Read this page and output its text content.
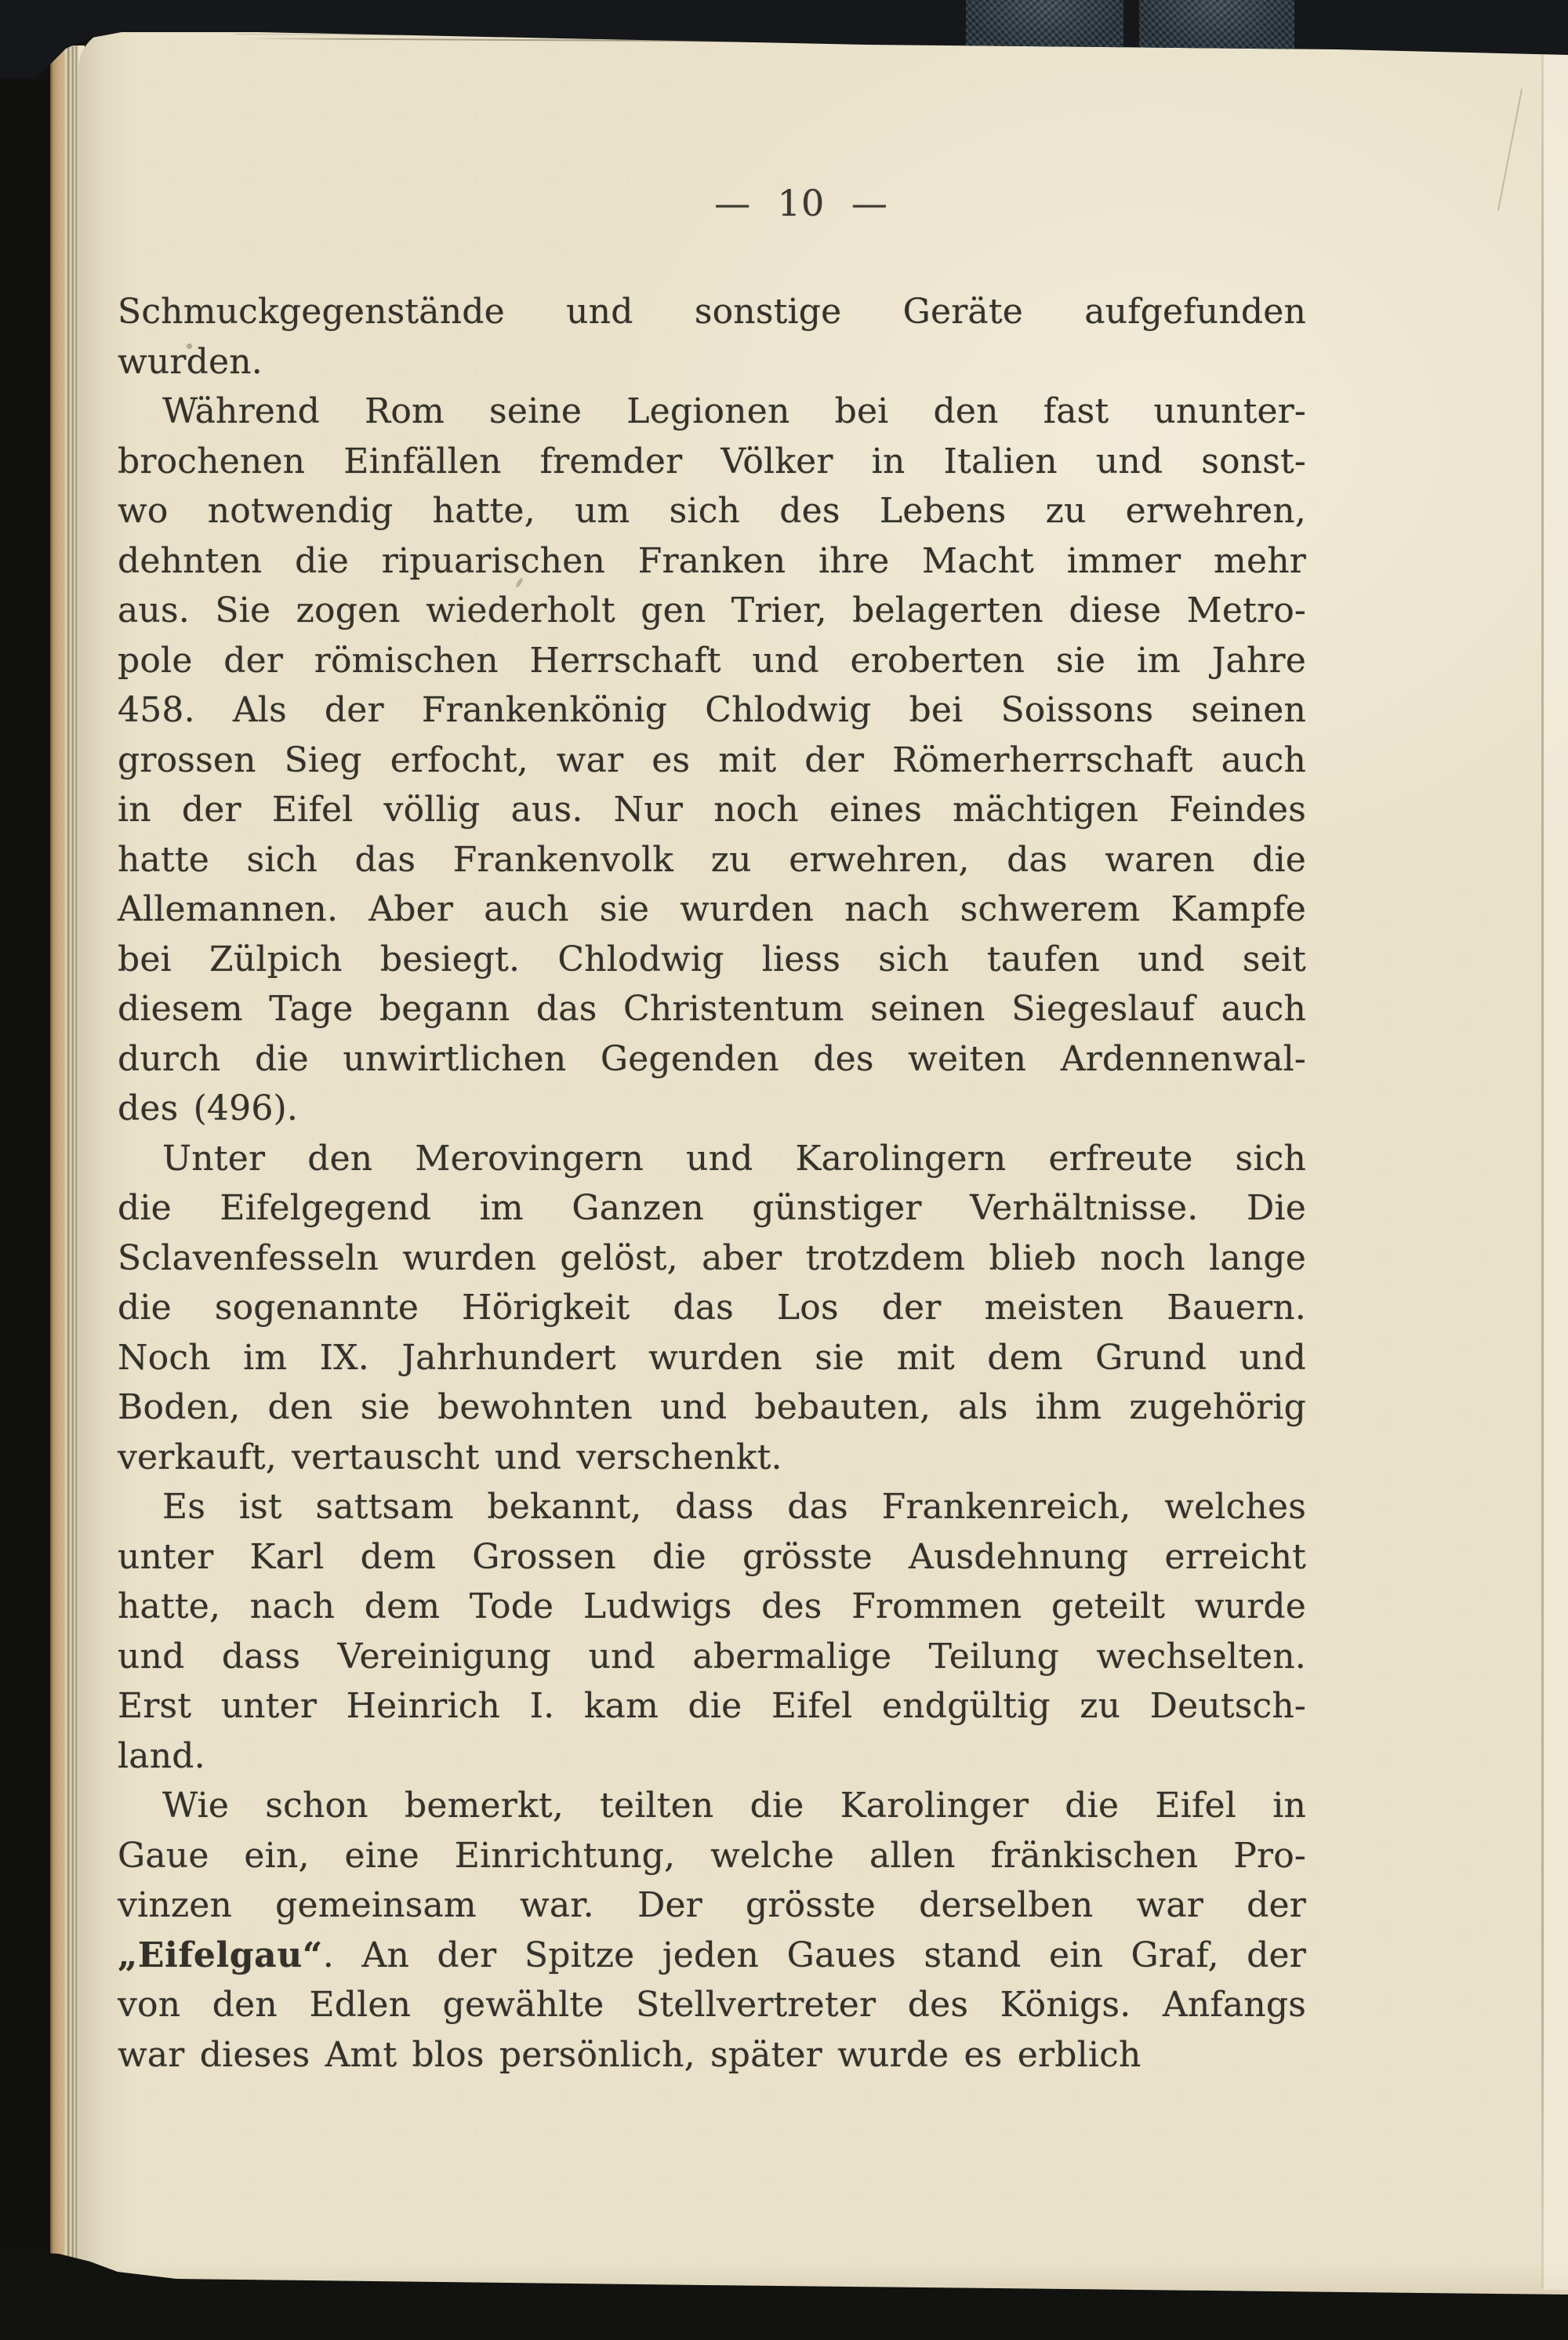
— 10 —
Schmuckgegenstände und sonstige Geräte aufgefunden
wurden.
Während Rom seine Legionen bei den fast ununter-
brochenen Einfällen fremder Völker in Italien und sonst-
wo notwendig hatte, um sich des Lebens zu erwehren,
dehnten die ripuarischen Franken ihre Macht immer mehr
aus. Sie zogen wiederholt gen Trier, belagerten diese Metro-
pole der römischen Herrschaft und eroberten sie im Jahre
458. Als der Frankenkönig Chlodwig bei Soissons seinen
grossen Sieg erfocht, war es mit der Römerherrschaft auch
in der Eifel völlig aus. Nur noch eines mächtigen Feindes
hatte sich das Frankenvolk zu erwehren, das waren die
Allemannen. Aber auch sie wurden nach schwerem Kampfe
bei Zülpich besiegt. Chlodwig liess sich taufen und seit
diesem Tage begann das Christentum seinen Siegeslauf auch
durch die unwirtlichen Gegenden des weiten Ardennenwal-
des (496).
Unter den Merovingern und Karolingern erfreute sich
die Eifelgegend im Ganzen günstiger Verhältnisse. Die
Sclavenfesseln wurden gelöst, aber trotzdem blieb noch lange
die sogenannte Hörigkeit das Los der meisten Bauern.
Noch im IX. Jahrhundert wurden sie mit dem Grund und
Boden, den sie bewohnten und bebauten, als ihm zugehörig
verkauft, vertauscht und verschenkt.
Es ist sattsam bekannt, dass das Frankenreich, welches
unter Karl dem Grossen die grösste Ausdehnung erreicht
hatte, nach dem Tode Ludwigs des Frommen geteilt wurde
und dass Vereinigung und abermalige Teilung wechselten.
Erst unter Heinrich I. kam die Eifel endgültig zu Deutsch-
land.
Wie schon bemerkt, teilten die Karolinger die Eifel in
Gaue ein, eine Einrichtung, welche allen fränkischen Pro-
vinzen gemeinsam war. Der grösste derselben war der
„Eifelgau“. An der Spitze jeden Gaues stand ein Graf, der
von den Edlen gewählte Stellvertreter des Königs. Anfangs
war dieses Amt blos persönlich, später wurde es erblich
